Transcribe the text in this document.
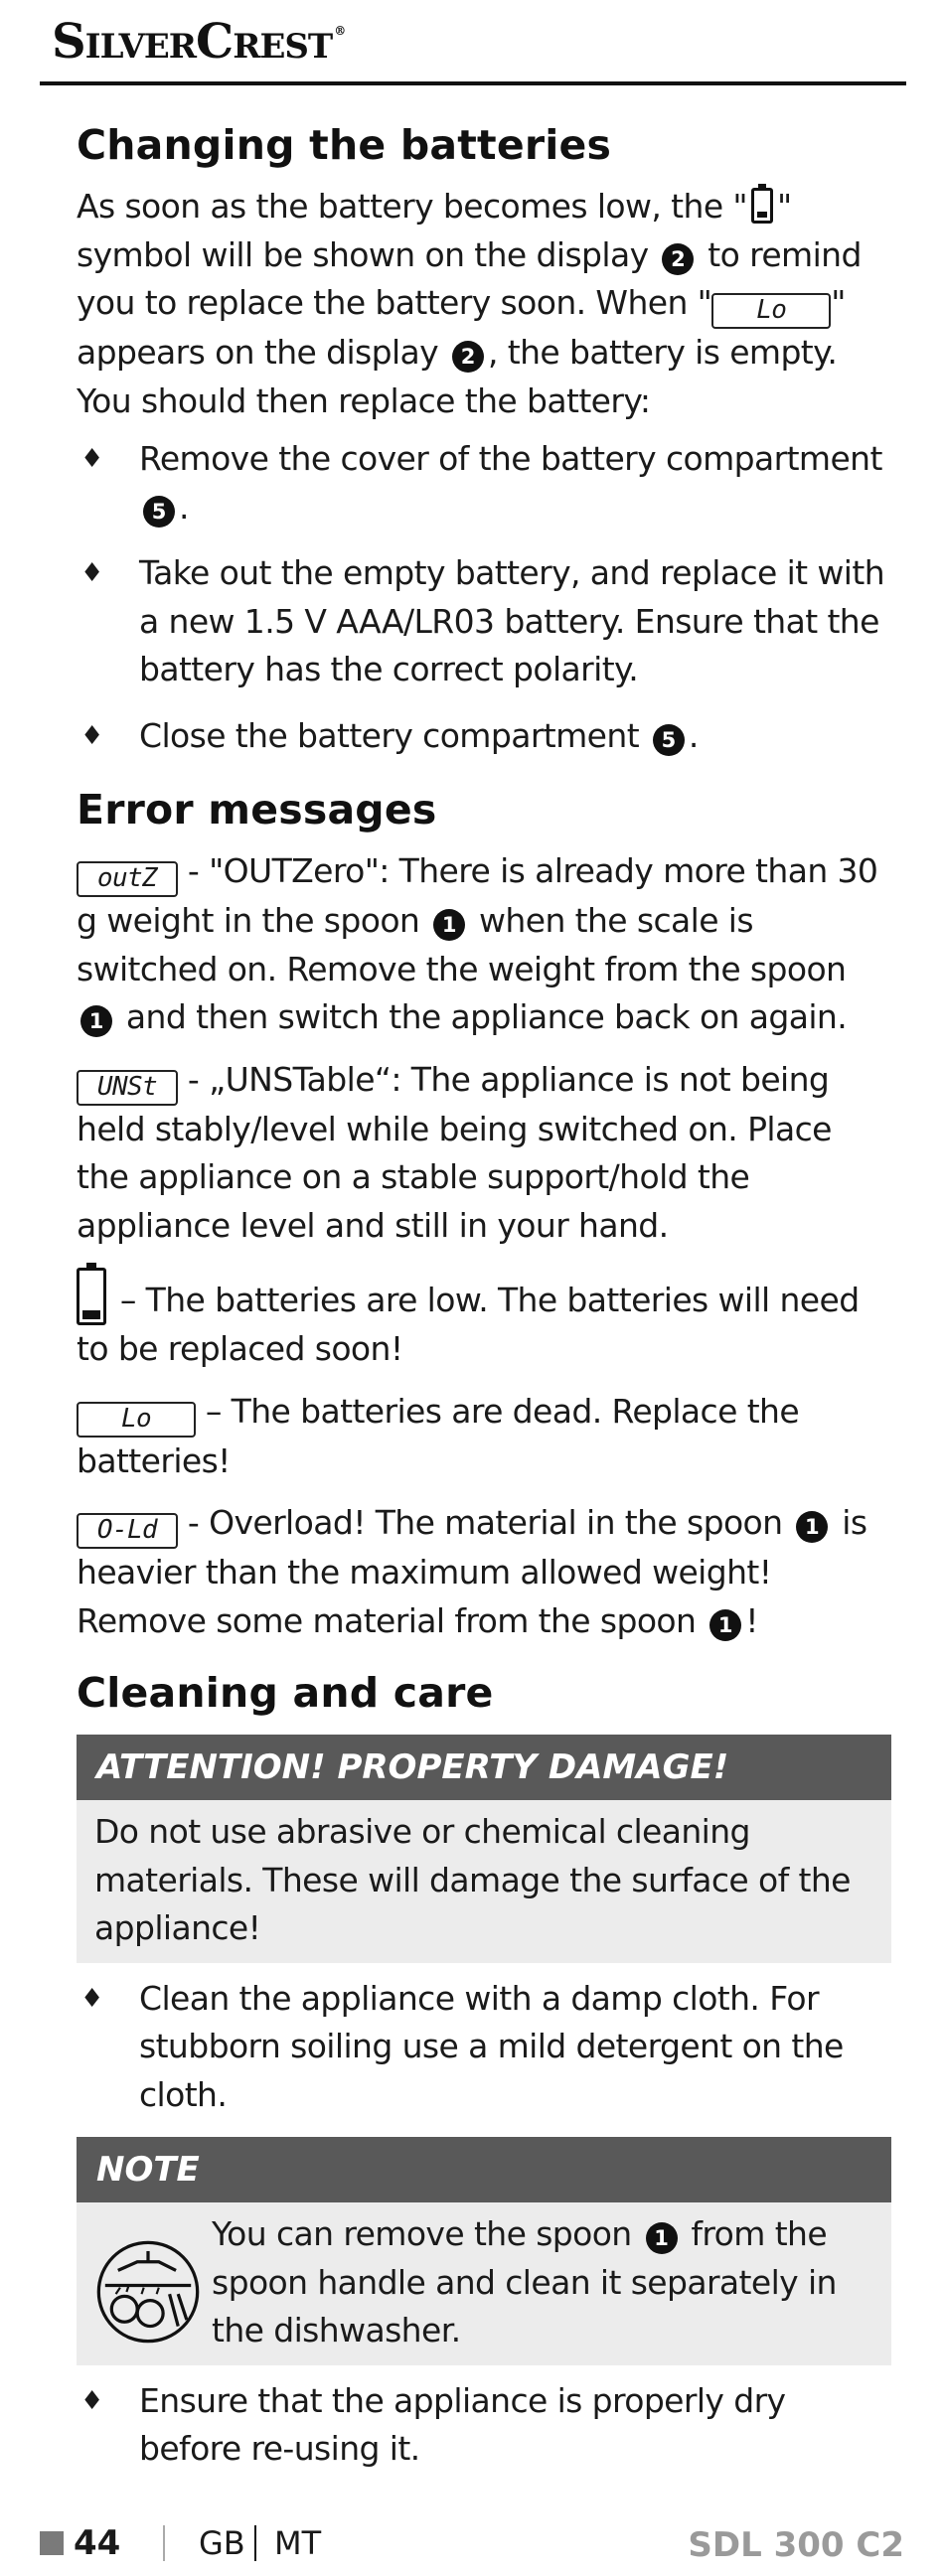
SilverCrest ®
Changing the batteries

As soon as the battery becomes low, the " " symbol will be shown on the display 2 to remind you to replace the battery soon. When " Lo " appears on the display 2 , the battery is empty.
You should then replace the battery:

♦ Remove the cover of the battery compartment 5 .
♦ Take out the empty battery, and replace it with a new 1.5 V AAA/LR03 battery. Ensure that the battery has the correct polarity.
♦ Close the battery compartment 5 .
Error messages

outZ - "OUTZero": There is already more than 30 g weight in the spoon 1 when the scale is switched on. Remove the weight from the spoon 1 and then switch the appliance back on again.

UNSt - „UNSTable“: The appliance is not being held stably/level while being switched on. Place the appliance on a stable support/hold the appliance level and still in your hand.

– The batteries are low. The batteries will need to be replaced soon!

Lo – The batteries are dead. Replace the batteries!

O-Ld - Overload! The material in the spoon 1 is heavier than the maximum allowed weight!
Remove some material from the spoon 1 !

Cleaning and care
ATTENTION! PROPERTY DAMAGE!
Do not use abrasive or chemical cleaning materials. These will damage the surface of the appliance!
♦ Clean the appliance with a damp cloth. For stubborn soiling use a mild detergent on the cloth.
NOTE
You can remove the spoon 1 from the spoon handle and clean it separately in the dishwasher.
♦ Ensure that the appliance is properly dry before re-using it.
44 GB MT	SDL 300 C2
